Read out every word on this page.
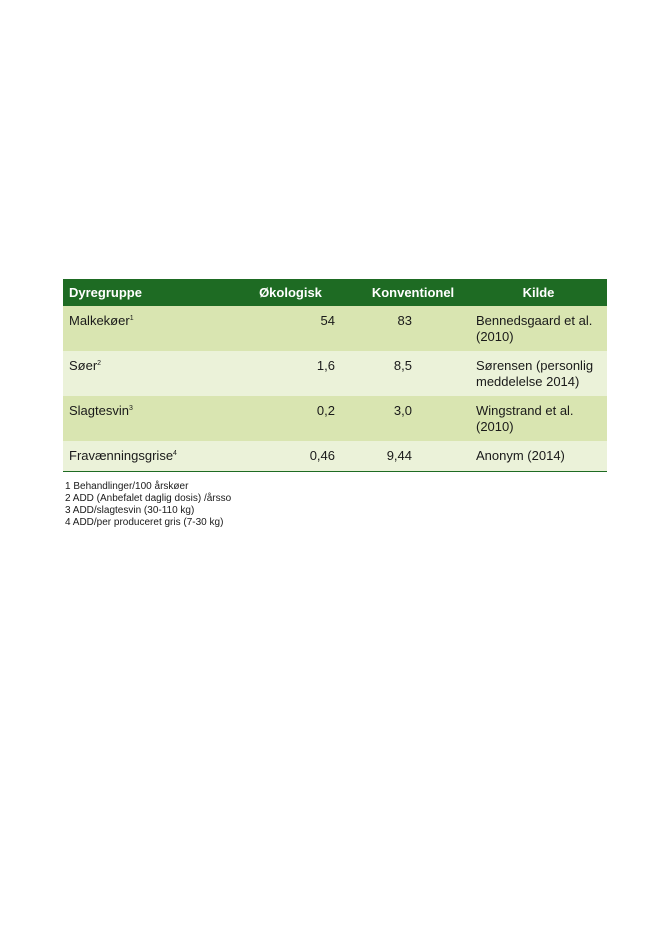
Dyregruppe	Økologisk	Konventionel	Kilde
Malkekøer$^1$	54	83	Bennedsgaard et al.
(2010)

Søer$^2$	1,6	8,5	Sørensen (personlig
meddelelse 2014)

Slagtesvin$^3$	0,2	3,0	Wingstrand et al.
(2010)

Fravænningsgrise$^4$	0,46	9,44	Anonym (2014)
1 Behandlinger/100 årskøer
2 ADD (Anbefalet daglig dosis) /årsso
3 ADD/slagtesvin (30-110 kg)
4 ADD/per produceret gris (7-30 kg)
